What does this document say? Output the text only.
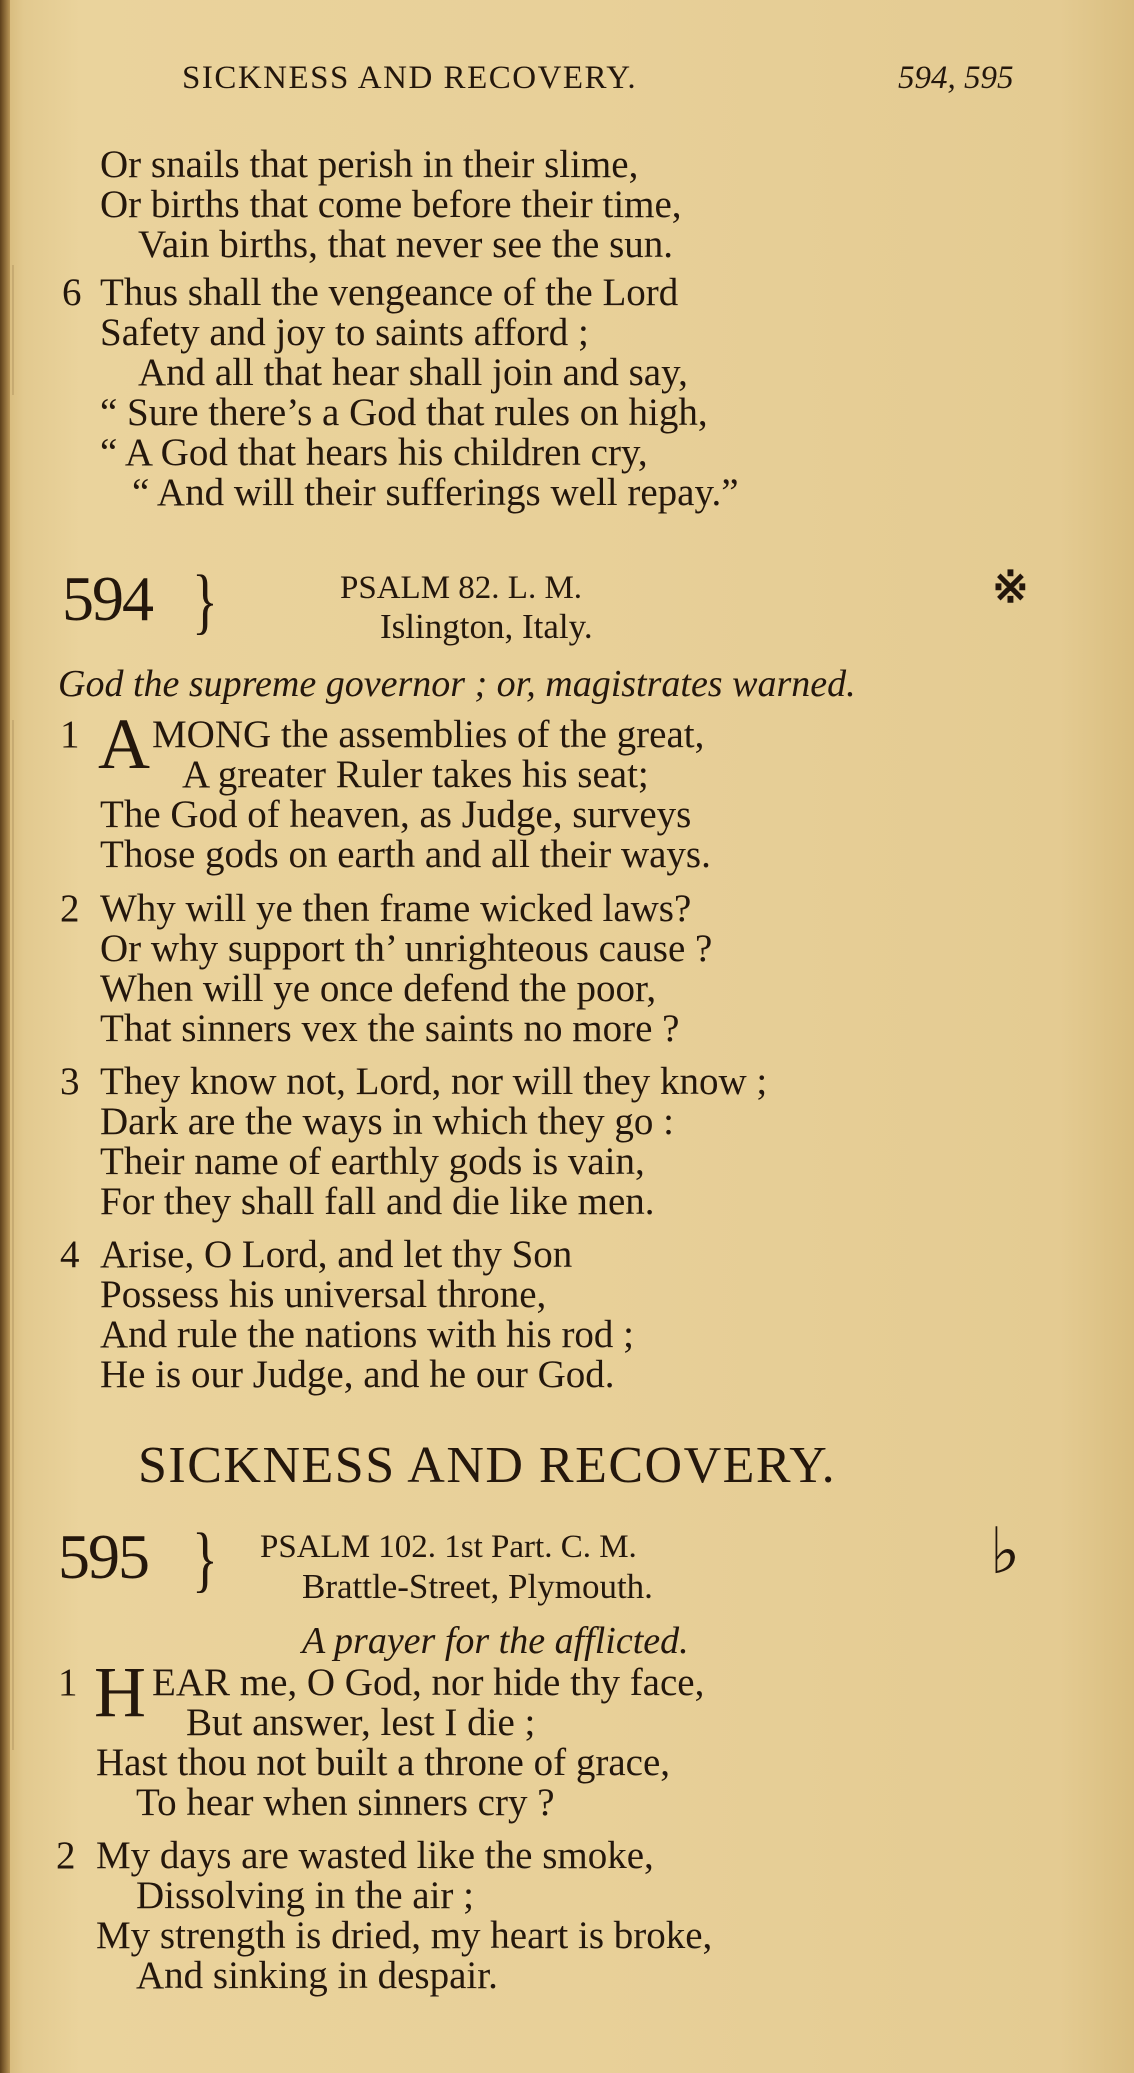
SICKNESS AND RECOVERY.	594, 595
Or snails that perish in their slime,
Or births that come before their time,
Vain births, that never see the sun.
6 Thus shall the vengeance of the Lord
Safety and joy to saints afford ;
And all that hear shall join and say,
“ Sure there’s a God that rules on high,
“ A God that hears his children cry,
“ And will their sufferings well repay.”
594 }	PSALM 82. L. M.
Islington, Italy.
※
God the supreme governor ; or, magistrates warned.
1 A MONG the assemblies of the great,
A greater Ruler takes his seat;
The God of heaven, as Judge, surveys
Those gods on earth and all their ways.
2 Why will ye then frame wicked laws?
Or why support th’ unrighteous cause ?
When will ye once defend the poor,
That sinners vex the saints no more ?
3 They know not, Lord, nor will they know ;
Dark are the ways in which they go :
Their name of earthly gods is vain,
For they shall fall and die like men.
4 Arise, O Lord, and let thy Son
Possess his universal throne,
And rule the nations with his rod ;
He is our Judge, and he our God.
SICKNESS AND RECOVERY.
595 } PSALM 102. 1st Part. C. M.
Brattle-Street, Plymouth.	♭
A prayer for the afflicted.
1 H EAR me, O God, nor hide thy face,
But answer, lest I die ;
Hast thou not built a throne of grace,
To hear when sinners cry ?
2 My days are wasted like the smoke,
Dissolving in the air ;
My strength is dried, my heart is broke,
And sinking in despair.
